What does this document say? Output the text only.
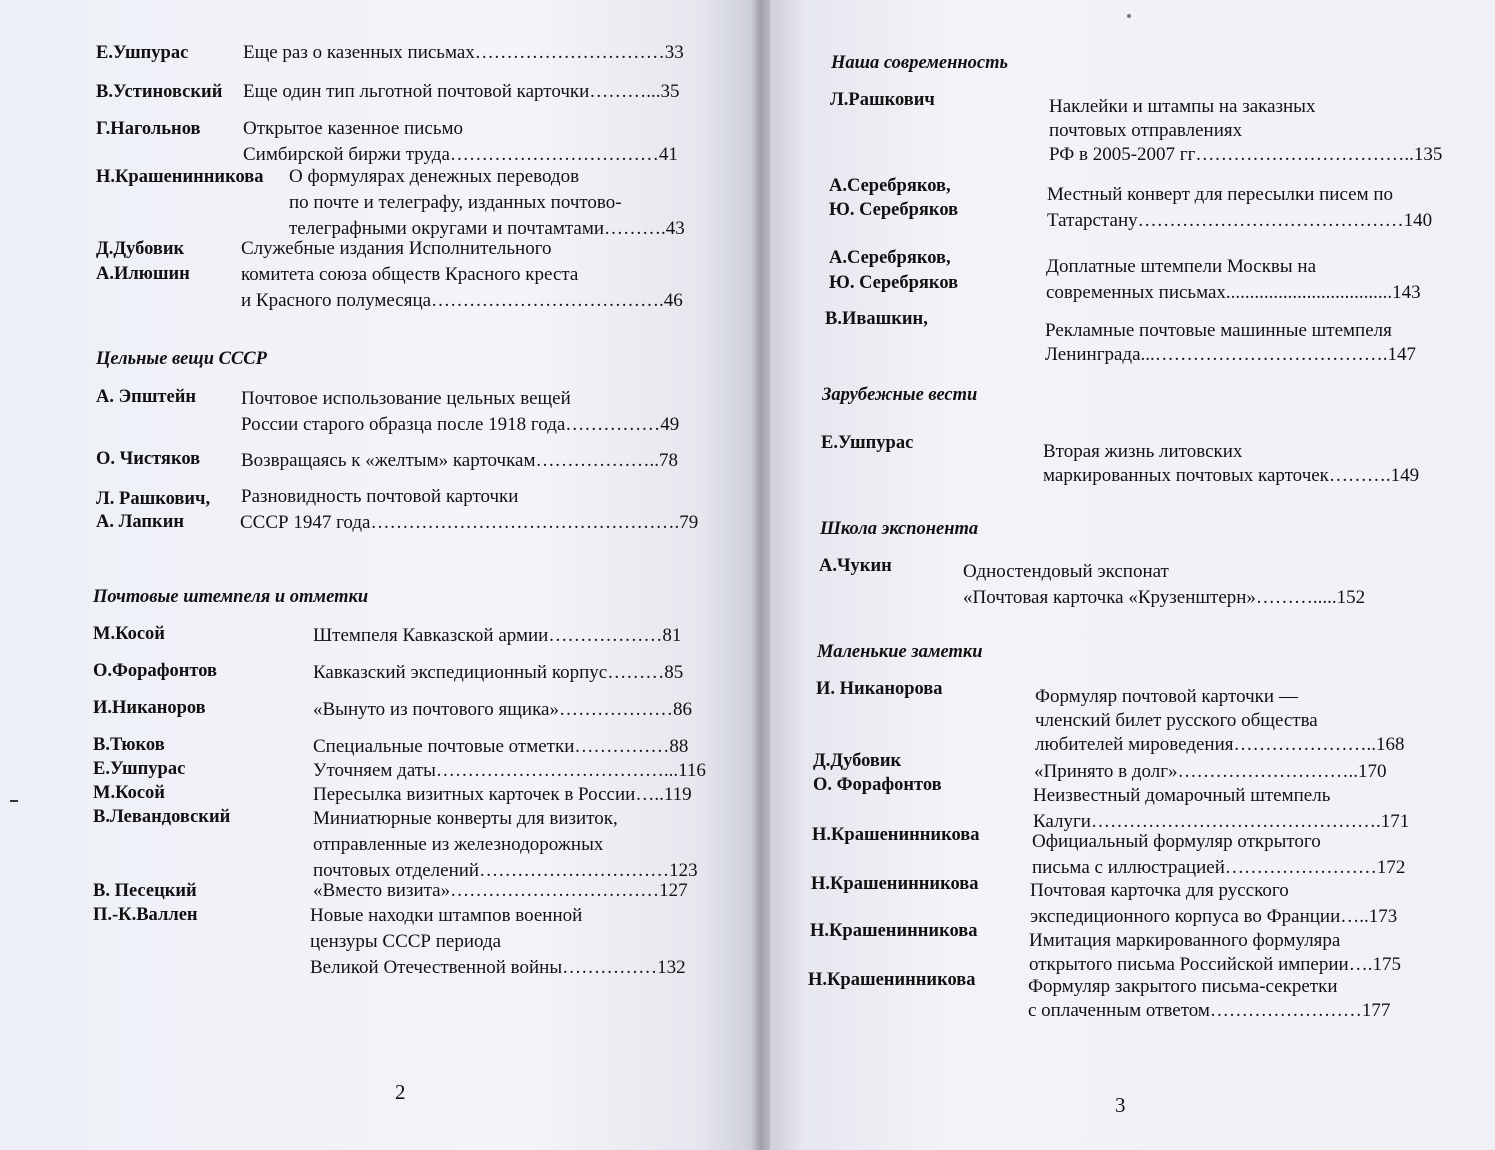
Е.Ушпурас	Еще раз о казенных письмах…………………………33
В.Устиновский Еще один тип льготной почтовой карточки………...35
Г.Нагольнов Открытое казенное письмо
Симбирской биржи труда……………………………41
Н.Крашенинникова О формулярах денежных переводов
по почте и телеграфу, изданных почтово-
телеграфными округами и почтамтами……….43
Д.Дубовик
А.Илюшин
Служебные издания Исполнительного
комитета союза обществ Красного креста
и Красного полумесяца……………………………….46
Цельные вещи СССР
А. Эпштейн Почтовое использование цельных вещей
России старого образца после 1918 года……………49
О. Чистяков Возвращаясь к «желтым» карточкам………………..78
Л. Рашкович,
А. Лапкин
Разновидность почтовой карточки
СССР 1947 года………………………………………….79
Почтовые штемпеля и отметки
М.Косой	Штемпеля Кавказской армии………………81
О.Форафонтов	Кавказский экспедиционный корпус………85
И.Никаноров	«Вынуто из почтового ящика»………………86
В.Тюков	Специальные почтовые отметки……………88
Е.Ушпурас	Уточняем даты………………………………...116
М.Косой	Пересылка визитных карточек в России…..119
В.Левандовский	Миниатюрные конверты для визиток,
отправленные из железнодорожных
почтовых отделений…………………………123
В. Песецкий	«Вместо визита»……………………………127
П.-К.Валлен	Новые находки штампов военной
цензуры СССР периода
Великой Отечественной войны……………132
2
Наша современность
Л.Рашкович	Наклейки и штампы на заказных
почтовых отправлениях
РФ в 2005-2007 гг……………………………..135
А.Серебряков,
Ю. Серебряков
Местный конверт для пересылки писем по
Татарстану……………………………………140
А.Серебряков,
Ю. Серебряков
Доплатные штемпели Москвы на
современных письмах...................................143
В.Ивашкин,
Рекламные почтовые машинные штемпеля
Ленинграда...……………………………….147
Зарубежные вести
Е.Ушпурас	Вторая жизнь литовских
маркированных почтовых карточек……….149
Школа экспонента
А.Чукин	Одностендовый экспонат
«Почтовая карточка «Крузенштерн»……….....152
Маленькие заметки
И. Никанорова	Формуляр почтовой карточки —
членский билет русского общества
любителей мироведения…………………..168
Д.Дубовик	«Принято в долг»………………………..170
О. Форафонтов	Неизвестный домарочный штемпель
Калуги……………………………………….171
Н.Крашенинникова	Официальный формуляр открытого
письма с иллюстрацией……………………172
Н.Крашенинникова	Почтовая карточка для русского
экспедиционного корпуса во Франции…..173
Н.Крашенинникова	Имитация маркированного формуляра
открытого письма Российской империи….175
Н.Крашенинникова	Формуляр закрытого письма-секретки
с оплаченным ответом……………………177
3
